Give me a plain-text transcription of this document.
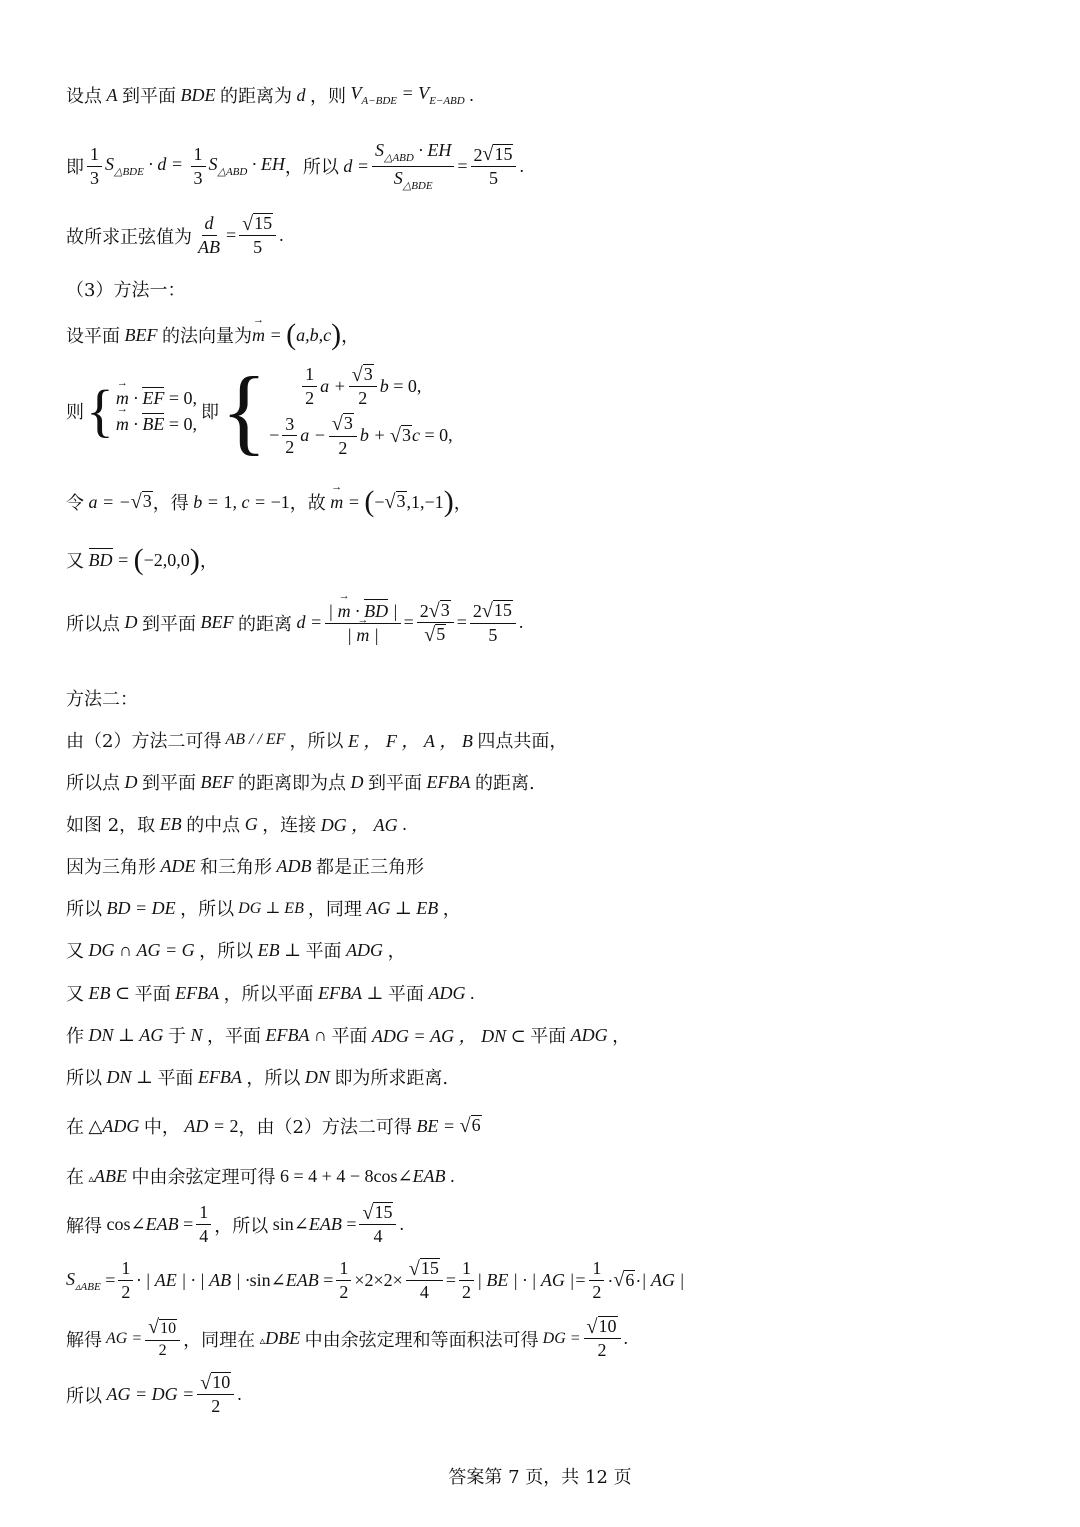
设点 A 到平面 BDE 的距离为 d ，则 $V_{A-BDE} = V_{E-ABD}$ .
即 $\frac{1}{3} S_{\triangle BDE} \cdot d = \frac{1}{3} S_{\triangle ABD}$ · EH ，所以 $d = \frac{S_{\triangle ABD} \cdot EH}{S_{\triangle BDE}} = \frac{2 √ 15}{5}$ .
故所求正弦值为 $\frac{d}{AB} = \frac{√ 15}{5}$ .
（3）方法一：
设平面 BEF 的法向量为 → m = ( a,b,c ) ，
则 { → m · EF
= 0,
→ m · BE
= 0,
即 { $\frac{1}{2}$ $a + \frac{√ 3}{2}$ b = 0,
− $\frac{3}{2}$ $a - \frac{√ 3}{2}$ b + √ 3 c = 0,
令 a = − √ 3 ，得 b = 1, c = −1 ，故 → m = ( − √ 3 ,1,−1 ) ，
又 BD = ( −2,0,0 ) ，
所以点 D 到平面 BEF 的距离 $d = \frac{| \to m \cdot BD |}{| \to m |} = \frac{2 √ 3}{√ 5} = \frac{2 √ 15}{5}$ .
方法二：
由（2）方法二可得 AB / / EF ，所以 E ， F ， A ， B 四点共面，
所以点 D 到平面 BEF 的距离即为点 D 到平面 EFBA 的距离.
如图 2，取 EB 的中点 G ，连接 DG ， AG .
因为三角形 ADE 和三角形 ADB 都是正三角形
所以 BD = DE ，所以 DG ⊥ EB ，同理 AG ⊥ EB ，
又 DG ∩ AG = G ，所以 EB ⊥ 平面 ADG ，
又 EB ⊂ 平面 EFBA ，所以平面 EFBA ⊥ 平面 ADG .
作 DN ⊥ AG 于 N ，平面 EFBA ∩ 平面 ADG = AG ， DN ⊂ 平面 ADG ，
所以 DN ⊥ 平面 EFBA ，所以 DN 即为所求距离.
在 △ADG 中， AD = 2 ，由（2）方法二可得 BE = √ 6
在 ▵ABE 中由余弦定理可得 6 = 4 + 4 − 8cos ∠EAB .
解得 cos ∠EAB = $\frac{1}{4}$ ，所以 sin ∠EAB = $\frac{√ 15}{4}$ .
$S_{▵ABE} = \frac{1}{2}$ · | AE | · | AB | · sin ∠EAB = $\frac{1}{2} \times 2\times 2\times \frac{√ 15}{4} = \frac{1}{2}$ | BE | · | AG |= $\frac{1}{2}$ · √ 6 · | AG |
解得 AG = $\frac{√ 10}{2}$ ，同理在 ▵DBE 中由余弦定理和等面积法可得 DG = $\frac{√ 10}{2}$ .
所以 AG = DG = $\frac{√ 10}{2}$ .
答案第 7 页，共 12 页
